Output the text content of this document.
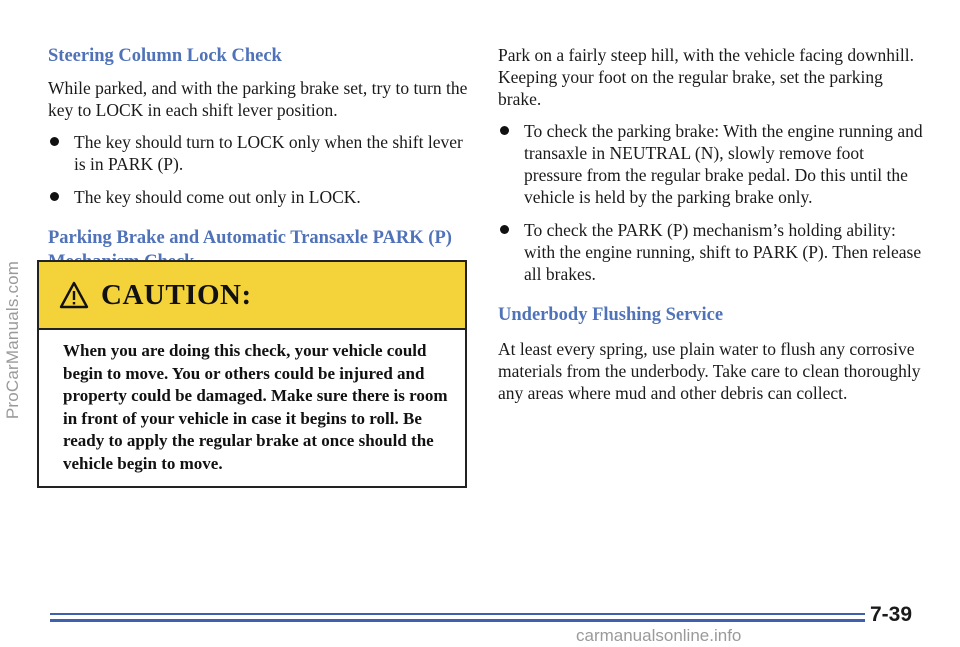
ProCarManuals.com
Steering Column Lock Check

While parked, and with the parking brake set, try to turn the key to LOCK in each shift lever position.

The key should turn to LOCK only when the shift lever is in PARK (P).
The key should come out only in LOCK.
Parking Brake and Automatic Transaxle PARK (P)
CAUTION:
When you are doing this check, your vehicle could begin to move. You or others could be injured and property could be damaged. Make sure there is room in front of your vehicle in case it begins to roll. Be ready to apply the regular brake at once should the vehicle begin to move.

Park on a fairly steep hill, with the vehicle facing downhill. Keeping your foot on the regular brake, set the parking brake.

To check the parking brake: With the engine running and transaxle in NEUTRAL (N), slowly remove foot pressure from the regular brake pedal. Do this until the vehicle is held by the parking brake only.
To check the PARK (P) mechanism’s holding ability: with the engine running, shift to PARK (P). Then release all brakes.
Underbody Flushing Service

At least every spring, use plain water to flush any corrosive materials from the underbody. Take care to clean thoroughly any areas where mud and other debris can collect.

7-39
carmanualsonline.info
